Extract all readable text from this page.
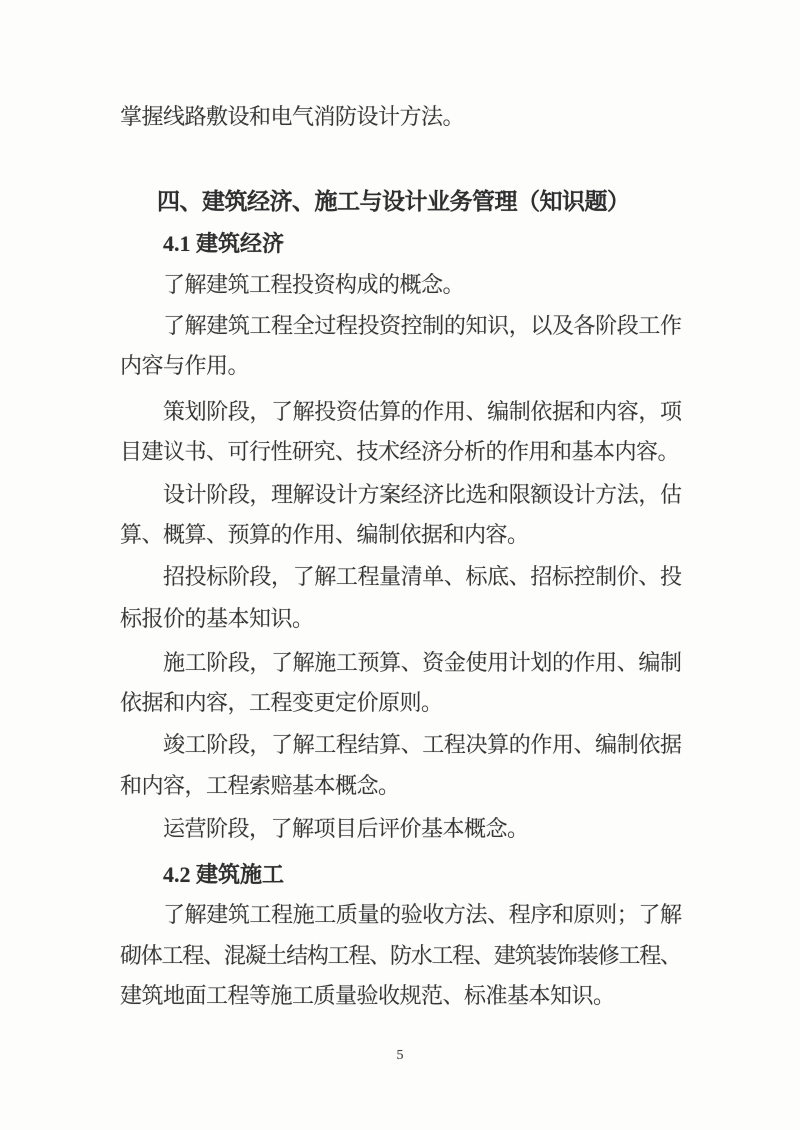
掌握线路敷设和电气消防设计方法。
四、建筑经济、施工与设计业务管理（知识题）
4.1 建筑经济
了解建筑工程投资构成的概念。
了解建筑工程全过程投资控制的知识，以及各阶段工作
内容与作用。
策划阶段，了解投资估算的作用、编制依据和内容，项
目建议书、可行性研究、技术经济分析的作用和基本内容。
设计阶段，理解设计方案经济比选和限额设计方法，估
算、概算、预算的作用、编制依据和内容。
招投标阶段，了解工程量清单、标底、招标控制价、投
标报价的基本知识。
施工阶段，了解施工预算、资金使用计划的作用、编制
依据和内容，工程变更定价原则。
竣工阶段，了解工程结算、工程决算的作用、编制依据
和内容，工程索赔基本概念。
运营阶段，了解项目后评价基本概念。
4.2 建筑施工
了解建筑工程施工质量的验收方法、程序和原则；了解
砌体工程、混凝土结构工程、防水工程、建筑装饰装修工程、
建筑地面工程等施工质量验收规范、标准基本知识。
5
